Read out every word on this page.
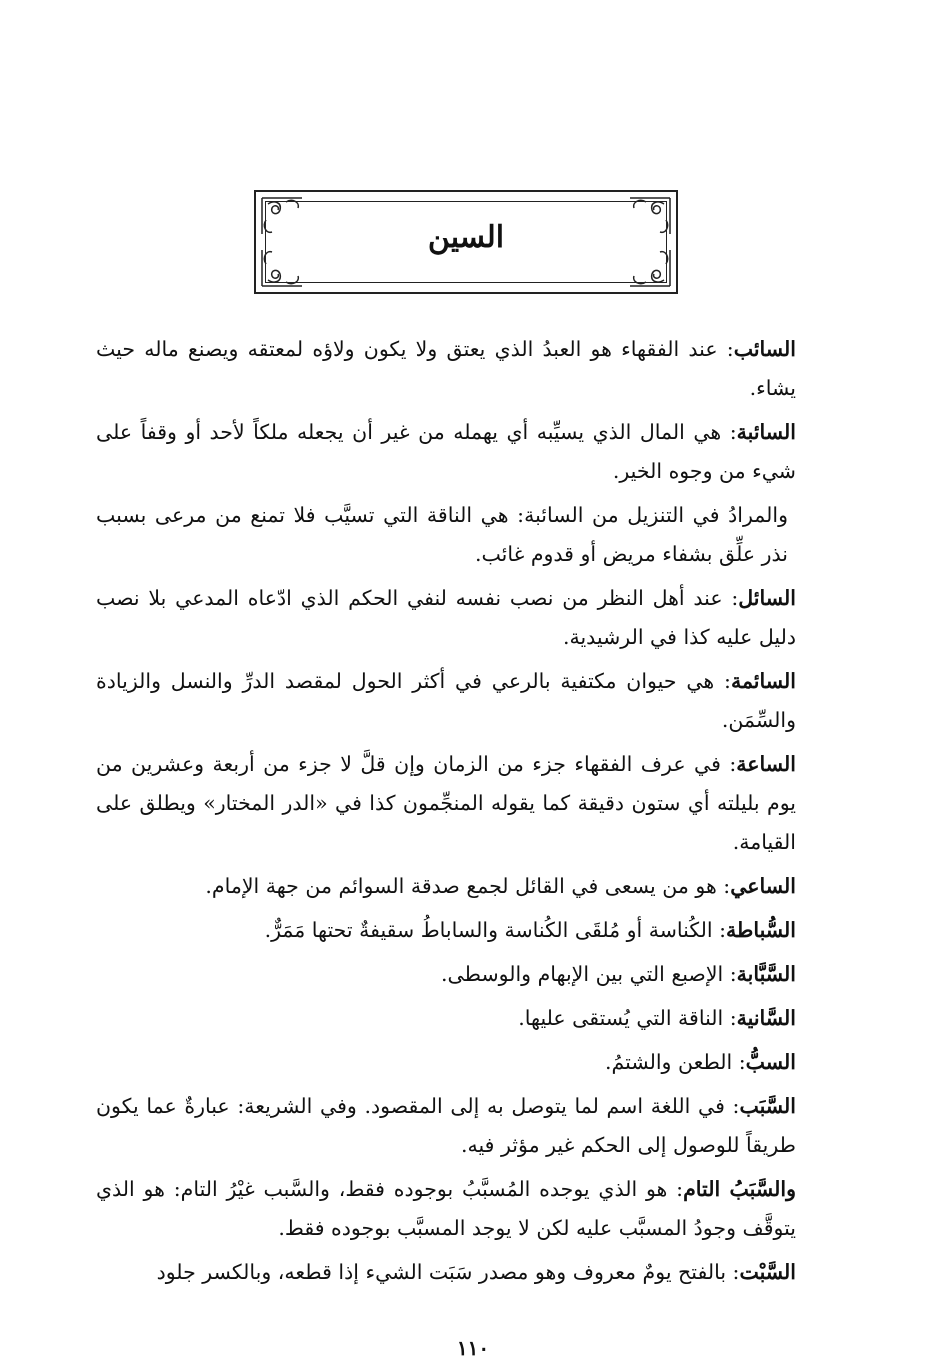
السين

السائب: عند الفقهاء هو العبدُ الذي يعتق ولا يكون ولاؤه لمعتقه ويصنع ماله حيث يشاء.

السائبة: هي المال الذي يسيِّبه أي يهمله من غير أن يجعله ملكاً لأحد أو وقفاً على شيء من وجوه الخير.

والمرادُ في التنزيل من السائبة: هي الناقة التي تسيَّب فلا تمنع من مرعى بسبب نذر علِّق بشفاء مريض أو قدوم غائب.

السائل: عند أهل النظر من نصب نفسه لنفي الحكم الذي ادّعاه المدعي بلا نصب دليل عليه كذا في الرشيدية.

السائمة: هي حيوان مكتفية بالرعي في أكثر الحول لمقصد الدرِّ والنسل والزيادة والسِّمَن.

الساعة: في عرف الفقهاء جزء من الزمان وإن قلَّ لا جزء من أربعة وعشرين من يوم بليلته أي ستون دقيقة كما يقوله المنجِّمون كذا في «الدر المختار» ويطلق على القيامة.

الساعي: هو من يسعى في القائل لجمع صدقة السوائم من جهة الإمام.

السُّباطة: الكُناسة أو مُلقَى الكُناسة والساباطُ سقيفةٌ تحتها مَمَرٌّ.

السَّبَّابة: الإصبع التي بين الإبهام والوسطى.

السَّانية: الناقة التي يُستقى عليها.

السبُّ: الطعن والشتمُ.

السَّبَب: في اللغة اسم لما يتوصل به إلى المقصود. وفي الشريعة: عبارةٌ عما يكون طريقاً للوصول إلى الحكم غير مؤثر فيه.

والسَّبَبُ التام: هو الذي يوجده المُسبَّبُ بوجوده فقط، والسَّبب غيْرُ التام: هو الذي يتوقَّف وجودُ المسبَّب عليه لكن لا يوجد المسبَّب بوجوده فقط.

السَّبْت: بالفتح يومٌ معروف وهو مصدر سَبَت الشيء إذا قطعه، وبالكسر جلود

١١٠
